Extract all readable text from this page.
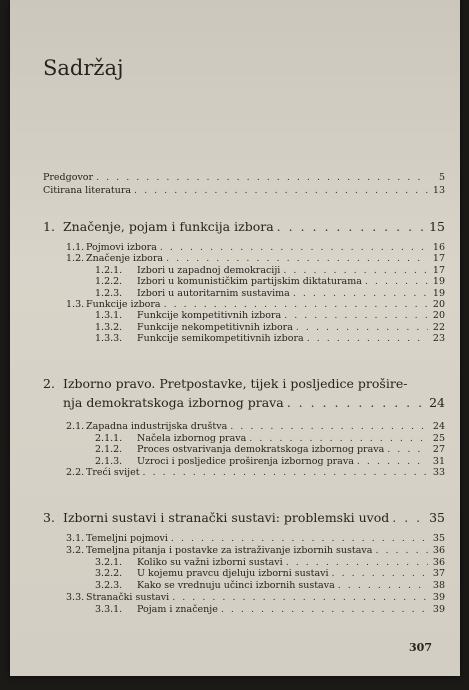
Sadržaj
Predgovor . . .	5
Citirana literatura . . .	13
1. Značenje, pojam i funkcija izbora . . .	15
1.1. Pojmovi izbora . . .	16
1.2. Značenje izbora . . .	17
1.2.1.	Izbori u zapadnoj demokraciji . . .	17
1.2.2.	Izbori u komunističkim partijskim diktaturama . . .	19
1.2.3.	Izbori u autoritarnim sustavima . . .	19
1.3. Funkcije izbora . . .	20
1.3.1.	Funkcije kompetitivnih izbora . . .	20
1.3.2.	Funkcije nekompetitivnih izbora . . .	22
1.3.3.	Funkcije semikompetitivnih izbora . . .	23
2. Izborno pravo. Pretpostavke, tijek i posljedice proširе-
nja demokratskoga izbornog prava . . .	24
2.1. Zapadna industrijska društva . . .	24
2.1.1.	Načela izbornog prava . . .	25
2.1.2.	Proces ostvarivanja demokratskoga izbornog prava . . .	27
2.1.3.	Uzroci i posljedice proširenja izbornog prava . . .	31
2.2. Treći svijet . . .	33
3. Izborni sustavi i stranački sustavi: problemski uvod . . .	35
3.1. Temeljni pojmovi . . .	35
3.2. Temeljna pitanja i postavke za istraživanje izbornih sustava . . .	36
3.2.1.	Koliko su važni izborni sustavi . . .	36
3.2.2.	U kojemu pravcu djeluju izborni sustavi . . .	37
3.2.3.	Kako se vrednuju učinci izbornih sustava . . .	38
3.3. Stranački sustavi . . .	39
3.3.1.	Pojam i značenje . . .	39
307
